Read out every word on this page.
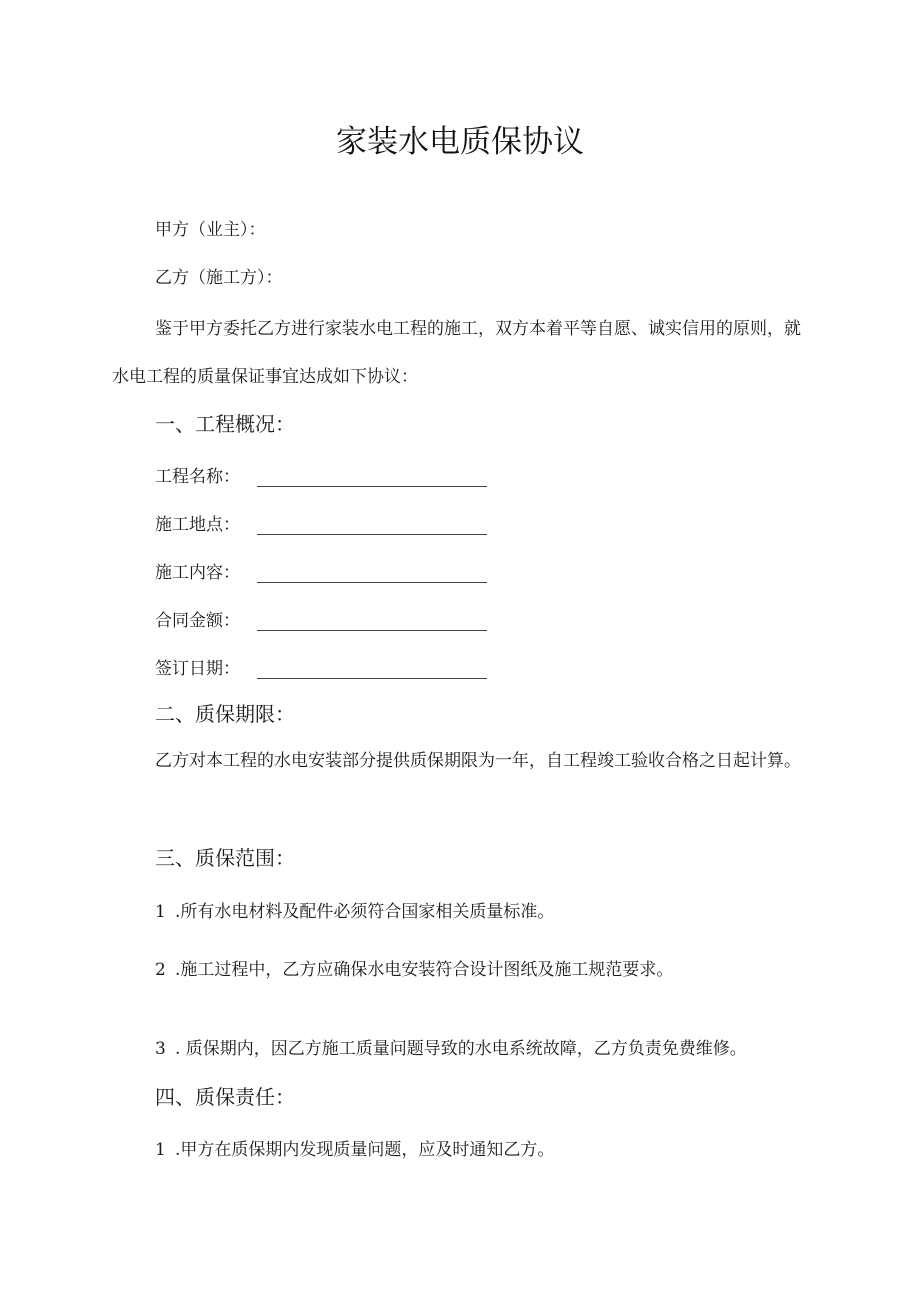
家装水电质保协议
甲方（业主）：
乙方（施工方）：
鉴于甲方委托乙方进行家装水电工程的施工，双方本着平等自愿、诚实信用的原则，就水电工程的质量保证事宜达成如下协议：
一、工程概况：
工程名称：
施工地点：
施工内容：
合同金额：
签订日期：
二、质保期限：
乙方对本工程的水电安装部分提供质保期限为一年，自工程竣工验收合格之日起计算。
三、质保范围：
1 .所有水电材料及配件必须符合国家相关质量标准。
2 .施工过程中，乙方应确保水电安装符合设计图纸及施工规范要求。
3 . 质保期内，因乙方施工质量问题导致的水电系统故障，乙方负责免费维修。
四、质保责任：
1 .甲方在质保期内发现质量问题，应及时通知乙方。
